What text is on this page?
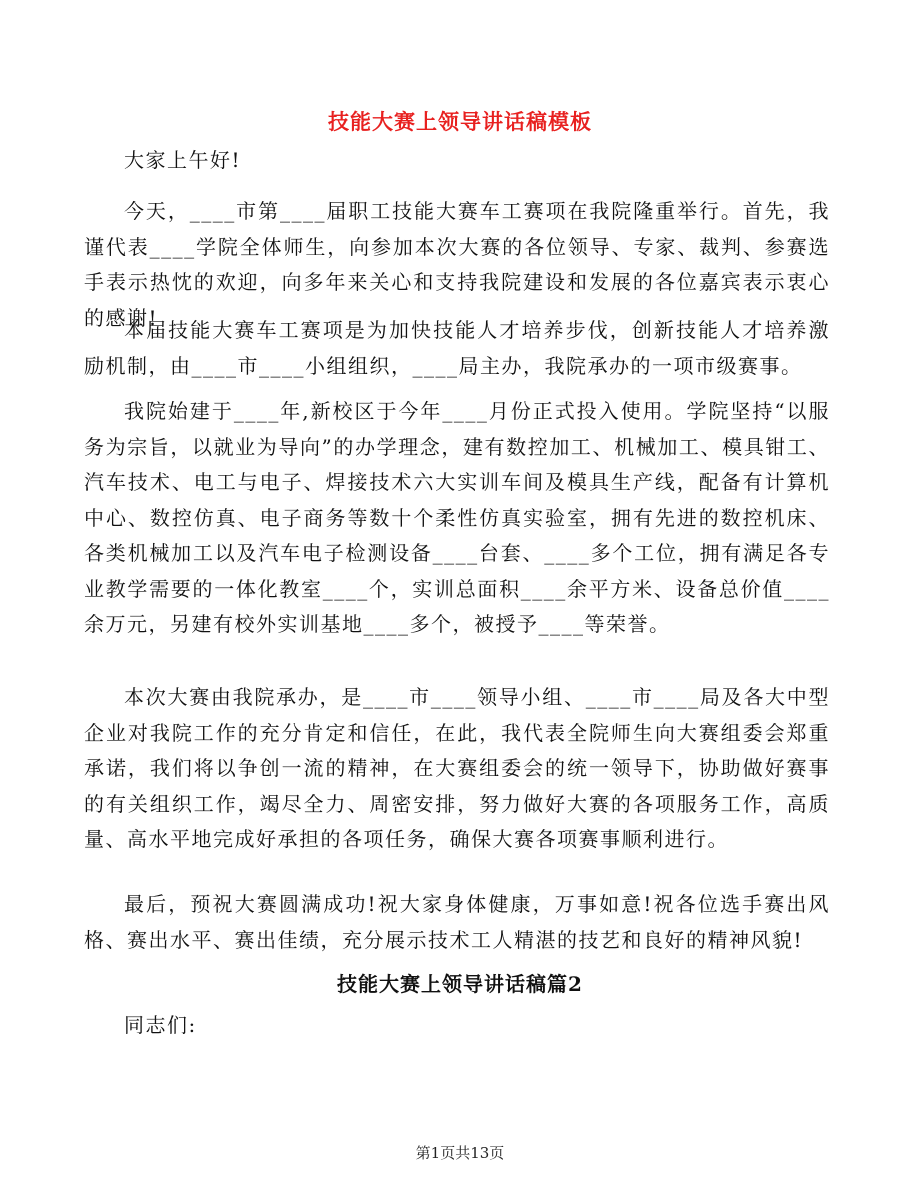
技能大赛上领导讲话稿模板

大家上午好!

今天，____市第____届职工技能大赛车工赛项在我院隆重举行。首先，我谨代表____学院全体师生，向参加本次大赛的各位领导、专家、裁判、参赛选手表示热忱的欢迎，向多年来关心和支持我院建设和发展的各位嘉宾表示衷心的感谢!

本届技能大赛车工赛项是为加快技能人才培养步伐，创新技能人才培养激励机制，由____市____小组组织，____局主办，我院承办的一项市级赛事。

我院始建于____年,新校区于今年____月份正式投入使用。学院坚持“以服务为宗旨，以就业为导向”的办学理念，建有数控加工、机械加工、模具钳工、汽车技术、电工与电子、焊接技术六大实训车间及模具生产线，配备有计算机中心、数控仿真、电子商务等数十个柔性仿真实验室，拥有先进的数控机床、各类机械加工以及汽车电子检测设备____台套、____多个工位，拥有满足各专业教学需要的一体化教室____个，实训总面积____余平方米、设备总价值____余万元，另建有校外实训基地____多个，被授予____等荣誉。

本次大赛由我院承办，是____市____领导小组、____市____局及各大中型企业对我院工作的充分肯定和信任，在此，我代表全院师生向大赛组委会郑重承诺，我们将以争创一流的精神，在大赛组委会的统一领导下，协助做好赛事的有关组织工作，竭尽全力、周密安排，努力做好大赛的各项服务工作，高质量、高水平地完成好承担的各项任务，确保大赛各项赛事顺利进行。

最后，预祝大赛圆满成功!祝大家身体健康，万事如意!祝各位选手赛出风格、赛出水平、赛出佳绩，充分展示技术工人精湛的技艺和良好的精神风貌!

技能大赛上领导讲话稿篇2

同志们:

第1页共13页
